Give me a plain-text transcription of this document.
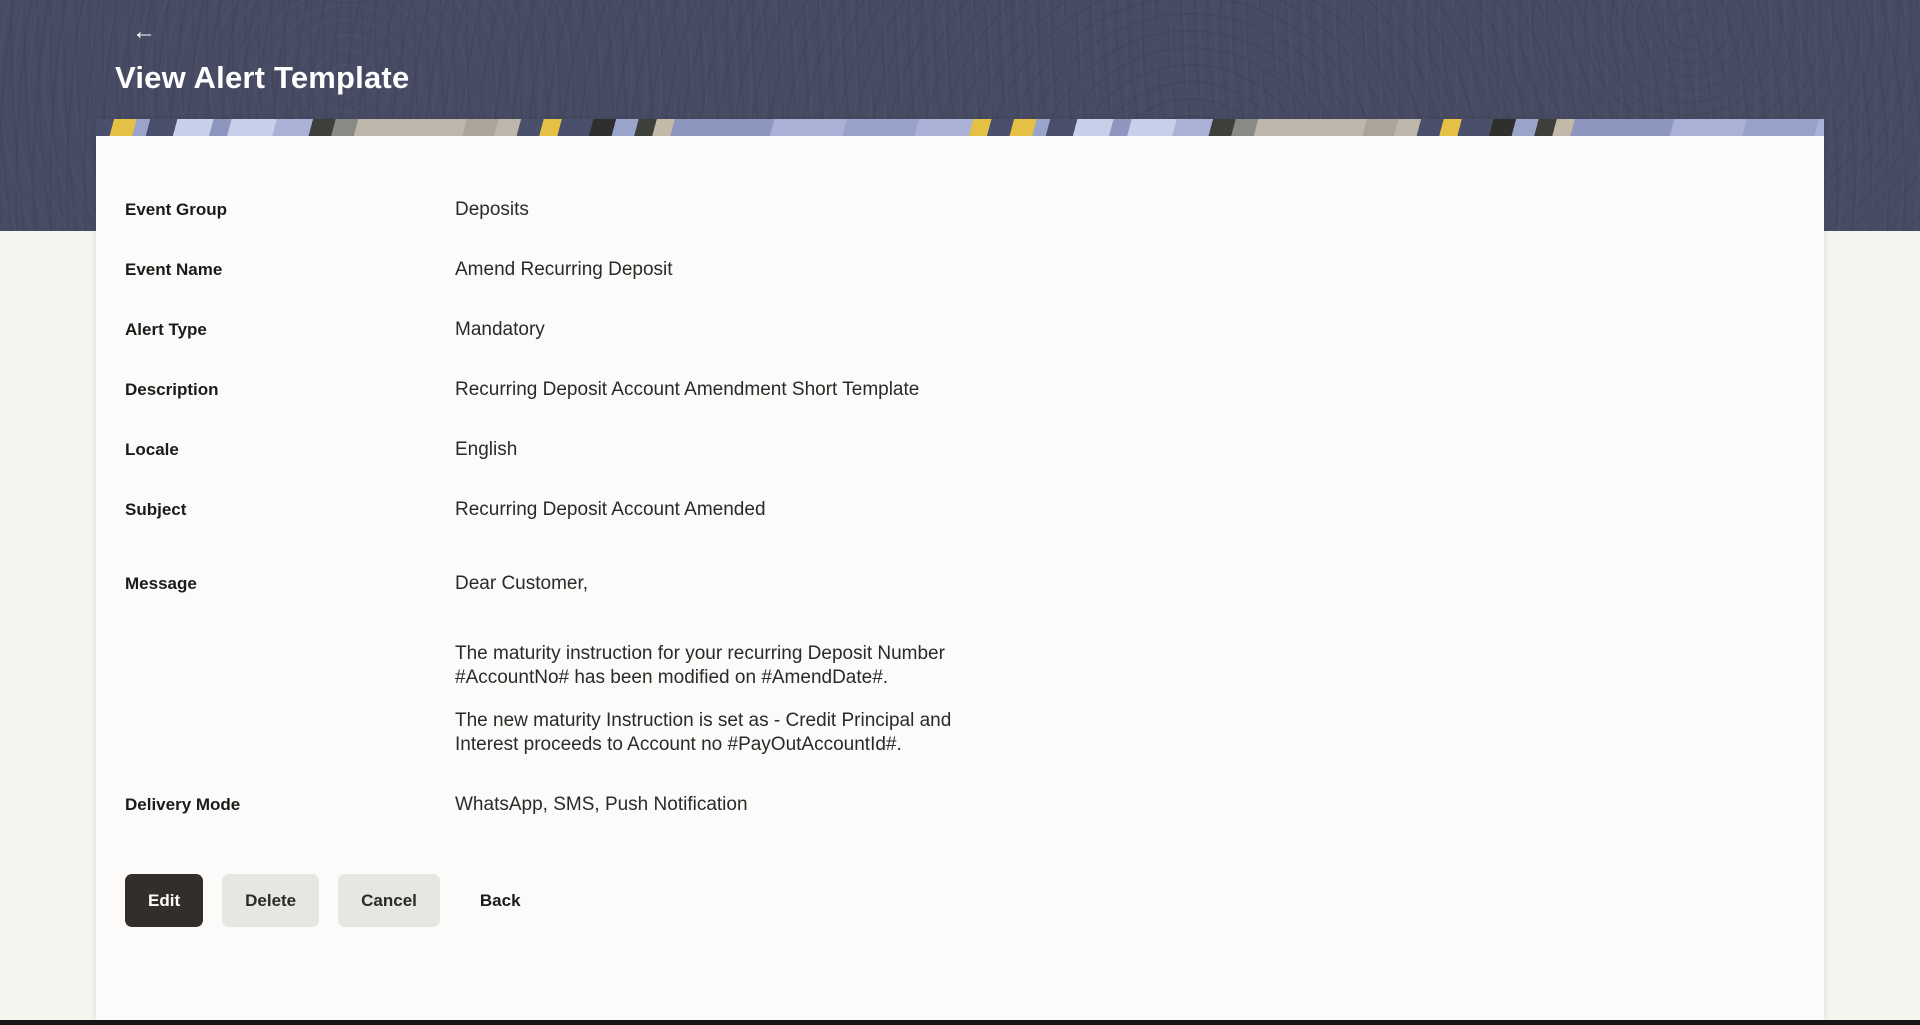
←
View Alert Template
Event Group	Deposits
Event Name	Amend Recurring Deposit
Alert Type	Mandatory
Description	Recurring Deposit Account Amendment Short Template
Locale	English
Subject	Recurring Deposit Account Amended
Message	Dear Customer,

The maturity instruction for your recurring Deposit Number #AccountNo# has been modified on #AmendDate#.

The new maturity Instruction is set as - Credit Principal and Interest proceeds to Account no #PayOutAccountId#.

Delivery Mode	WhatsApp, SMS, Push Notification
Edit	Delete	Cancel	Back
